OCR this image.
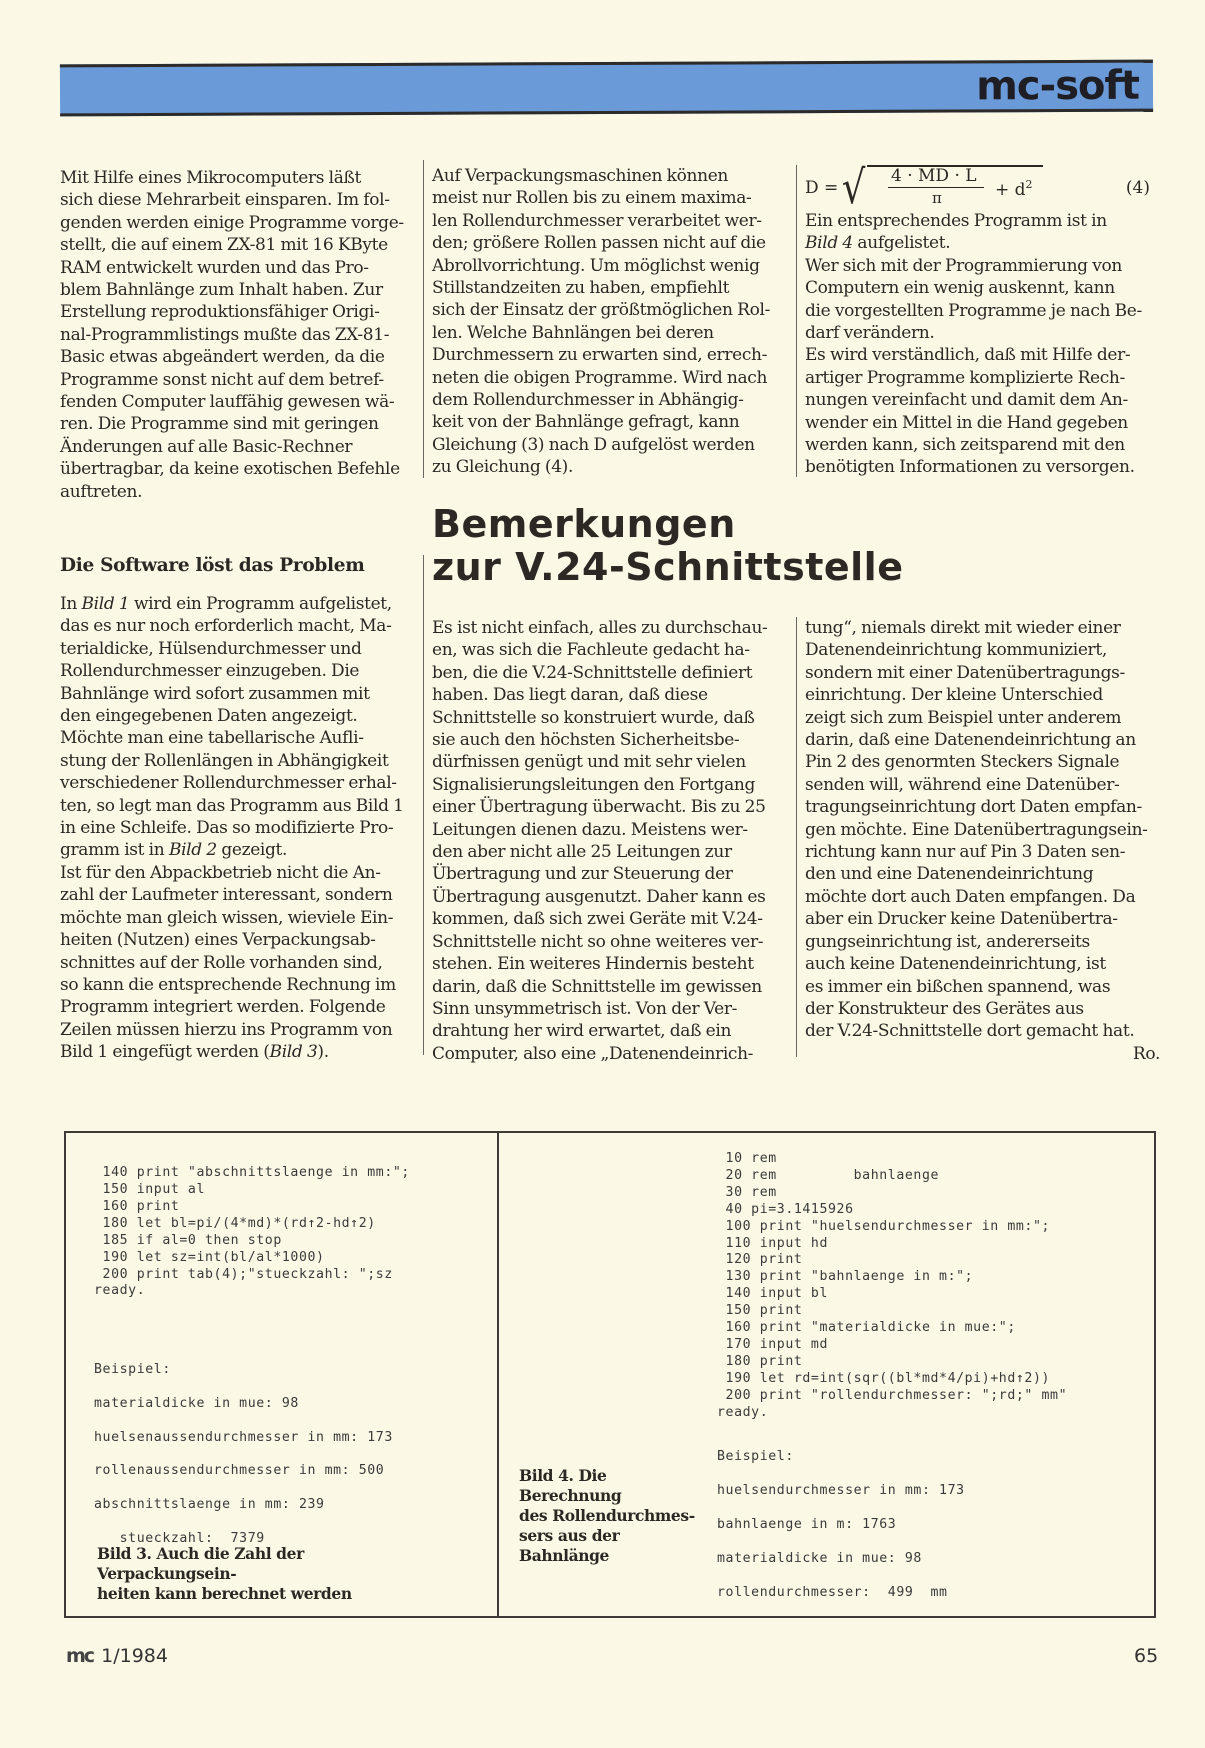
mc-soft
Mit Hilfe eines Mikrocomputers läßt
sich diese Mehrarbeit einsparen. Im fol-
genden werden einige Programme vorge-
stellt, die auf einem ZX-81 mit 16 KByte
RAM entwickelt wurden und das Pro-
blem Bahnlänge zum Inhalt haben. Zur
Erstellung reproduktionsfähiger Origi-
nal-Programmlistings mußte das ZX-81-
Basic etwas abgeändert werden, da die
Programme sonst nicht auf dem betref-
fenden Computer lauffähig gewesen wä-
ren. Die Programme sind mit geringen
Änderungen auf alle Basic-Rechner
übertragbar, da keine exotischen Befehle
auftreten.
Auf Verpackungsmaschinen können
meist nur Rollen bis zu einem maxima-
len Rollendurchmesser verarbeitet wer-
den; größere Rollen passen nicht auf die
Abrollvorrichtung. Um möglichst wenig
Stillstandzeiten zu haben, empfiehlt
sich der Einsatz der größtmöglichen Rol-
len. Welche Bahnlängen bei deren
Durchmessern zu erwarten sind, errech-
neten die obigen Programme. Wird nach
dem Rollendurchmesser in Abhängig-
keit von der Bahnlänge gefragt, kann
Gleichung (3) nach D aufgelöst werden
zu Gleichung (4).
D = √ 4 · MD · L
π	+ $d^2$	(4)
Ein entsprechendes Programm ist in
Bild 4 aufgelistet.
Wer sich mit der Programmierung von
Computern ein wenig auskennt, kann
die vorgestellten Programme je nach Be-
darf verändern.
Es wird verständlich, daß mit Hilfe der-
artiger Programme komplizierte Rech-
nungen vereinfacht und damit dem An-
wender ein Mittel in die Hand gegeben
werden kann, sich zeitsparend mit den
benötigten Informationen zu versorgen.
Die Software löst das Problem
In Bild 1 wird ein Programm aufgelistet,
das es nur noch erforderlich macht, Ma-
terialdicke, Hülsendurchmesser und
Rollendurchmesser einzugeben. Die
Bahnlänge wird sofort zusammen mit
den eingegebenen Daten angezeigt.
Möchte man eine tabellarische Aufli-
stung der Rollenlängen in Abhängigkeit
verschiedener Rollendurchmesser erhal-
ten, so legt man das Programm aus Bild 1
in eine Schleife. Das so modifizierte Pro-
gramm ist in Bild 2 gezeigt.
Ist für den Abpackbetrieb nicht die An-
zahl der Laufmeter interessant, sondern
möchte man gleich wissen, wieviele Ein-
heiten (Nutzen) eines Verpackungsab-
schnittes auf der Rolle vorhanden sind,
so kann die entsprechende Rechnung im
Programm integriert werden. Folgende
Zeilen müssen hierzu ins Programm von
Bild 1 eingefügt werden (Bild 3).
Bemerkungen
zur V.24-Schnittstelle
Es ist nicht einfach, alles zu durchschau-
en, was sich die Fachleute gedacht ha-
ben, die die V.24-Schnittstelle definiert
haben. Das liegt daran, daß diese
Schnittstelle so konstruiert wurde, daß
sie auch den höchsten Sicherheitsbe-
dürfnissen genügt und mit sehr vielen
Signalisierungsleitungen den Fortgang
einer Übertragung überwacht. Bis zu 25
Leitungen dienen dazu. Meistens wer-
den aber nicht alle 25 Leitungen zur
Übertragung und zur Steuerung der
Übertragung ausgenutzt. Daher kann es
kommen, daß sich zwei Geräte mit V.24-
Schnittstelle nicht so ohne weiteres ver-
stehen. Ein weiteres Hindernis besteht
darin, daß die Schnittstelle im gewissen
Sinn unsymmetrisch ist. Von der Ver-
drahtung her wird erwartet, daß ein
Computer, also eine „Datenendeinrich-
tung“, niemals direkt mit wieder einer
Datenendeinrichtung kommuniziert,
sondern mit einer Datenübertragungs-
einrichtung. Der kleine Unterschied
zeigt sich zum Beispiel unter anderem
darin, daß eine Datenendeinrichtung an
Pin 2 des genormten Steckers Signale
senden will, während eine Datenüber-
tragungseinrichtung dort Daten empfan-
gen möchte. Eine Datenübertragungsein-
richtung kann nur auf Pin 3 Daten sen-
den und eine Datenendeinrichtung
möchte dort auch Daten empfangen. Da
aber ein Drucker keine Datenübertra-
gungseinrichtung ist, andererseits
auch keine Datenendeinrichtung, ist
es immer ein bißchen spannend, was
der Konstrukteur des Gerätes aus
der V.24-Schnittstelle dort gemacht hat.
Ro.
140 print "abschnittslaenge in mm:";
150 input al
160 print
180 let bl=pi/(4*md)*(rd↑2-hd↑2)
185 if al=0 then stop
190 let sz=int(bl/al*1000)
200 print tab(4);"stueckzahl: ";sz
ready.
Beispiel:
materialdicke in mue: 98
huelsenaussendurchmesser in mm: 173
rollenaussendurchmesser in mm: 500
abschnittslaenge in mm: 239
stueckzahl:  7379
Bild 3. Auch die Zahl der Verpackungsein-
heiten kann berechnet werden
10 rem
20 rem         bahnlaenge
30 rem
40 pi=3.1415926
100 print "huelsendurchmesser in mm:";
110 input hd
120 print
130 print "bahnlaenge in m:";
140 input bl
150 print
160 print "materialdicke in mue:";
170 input md
180 print
190 let rd=int(sqr((bl*md*4/pi)+hd↑2))
200 print "rollendurchmesser: ";rd;" mm"
ready.
Beispiel:
huelsendurchmesser in mm: 173
bahnlaenge in m: 1763
materialdicke in mue: 98
rollendurchmesser:  499  mm
Bild 4. Die Berechnung
des Rollendurchmes-
sers aus der Bahnlänge
mc 1/1984	65
